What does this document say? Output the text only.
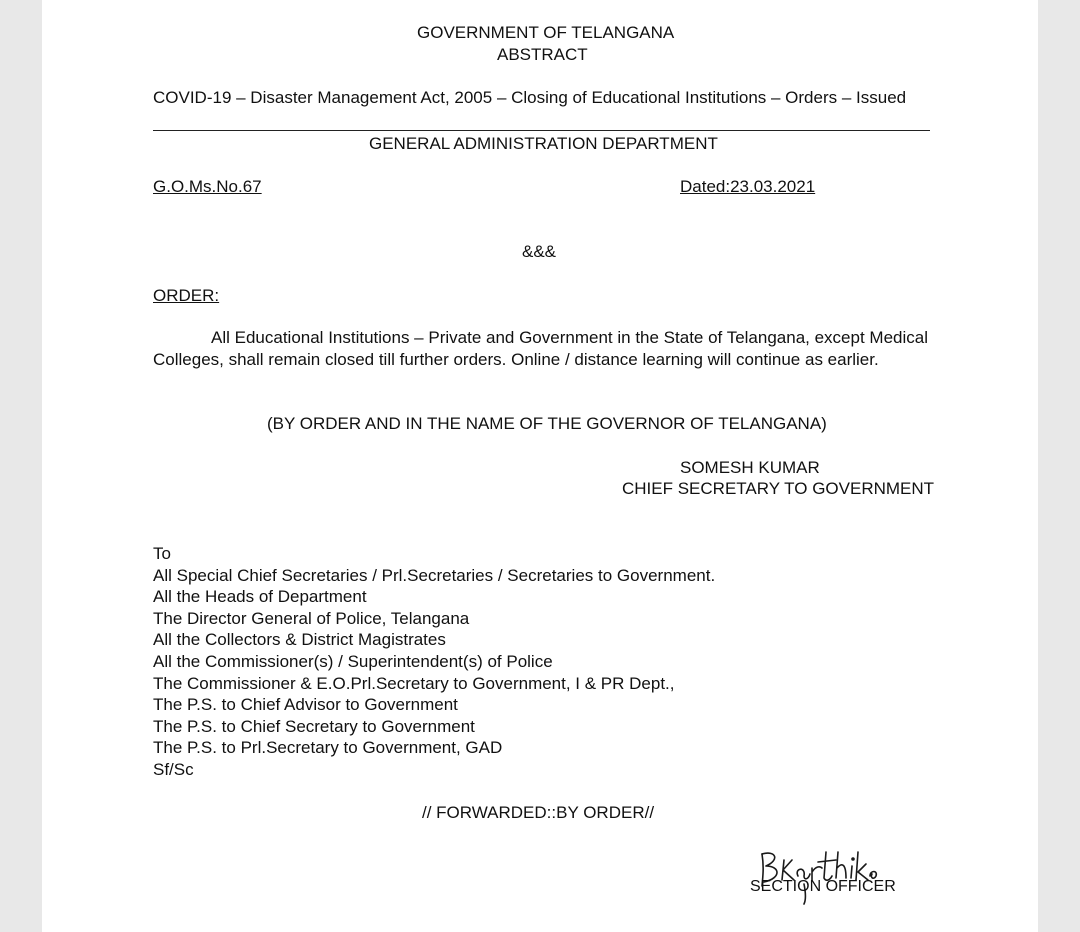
GOVERNMENT OF TELANGANA
ABSTRACT
COVID-19 – Disaster Management Act, 2005 – Closing of Educational Institutions – Orders – Issued
GENERAL ADMINISTRATION DEPARTMENT
G.O.Ms.No.67	Dated:23.03.2021
&&&
ORDER:
All Educational Institutions – Private and Government in the State of Telangana, except Medical Colleges, shall remain closed till further orders. Online / distance learning will continue as earlier.
(BY ORDER AND IN THE NAME OF THE GOVERNOR OF TELANGANA)
SOMESH KUMAR
CHIEF SECRETARY TO GOVERNMENT
To
All Special Chief Secretaries / Prl.Secretaries / Secretaries to Government.
All the Heads of Department
The Director General of Police, Telangana
All the Collectors & District Magistrates
All the Commissioner(s) / Superintendent(s) of Police
The Commissioner & E.O.Prl.Secretary to Government, I & PR Dept.,
The P.S. to Chief Advisor to Government
The P.S. to Chief Secretary to Government
The P.S. to Prl.Secretary to Government, GAD
Sf/Sc
// FORWARDED::BY ORDER//
SECTION OFFICER
